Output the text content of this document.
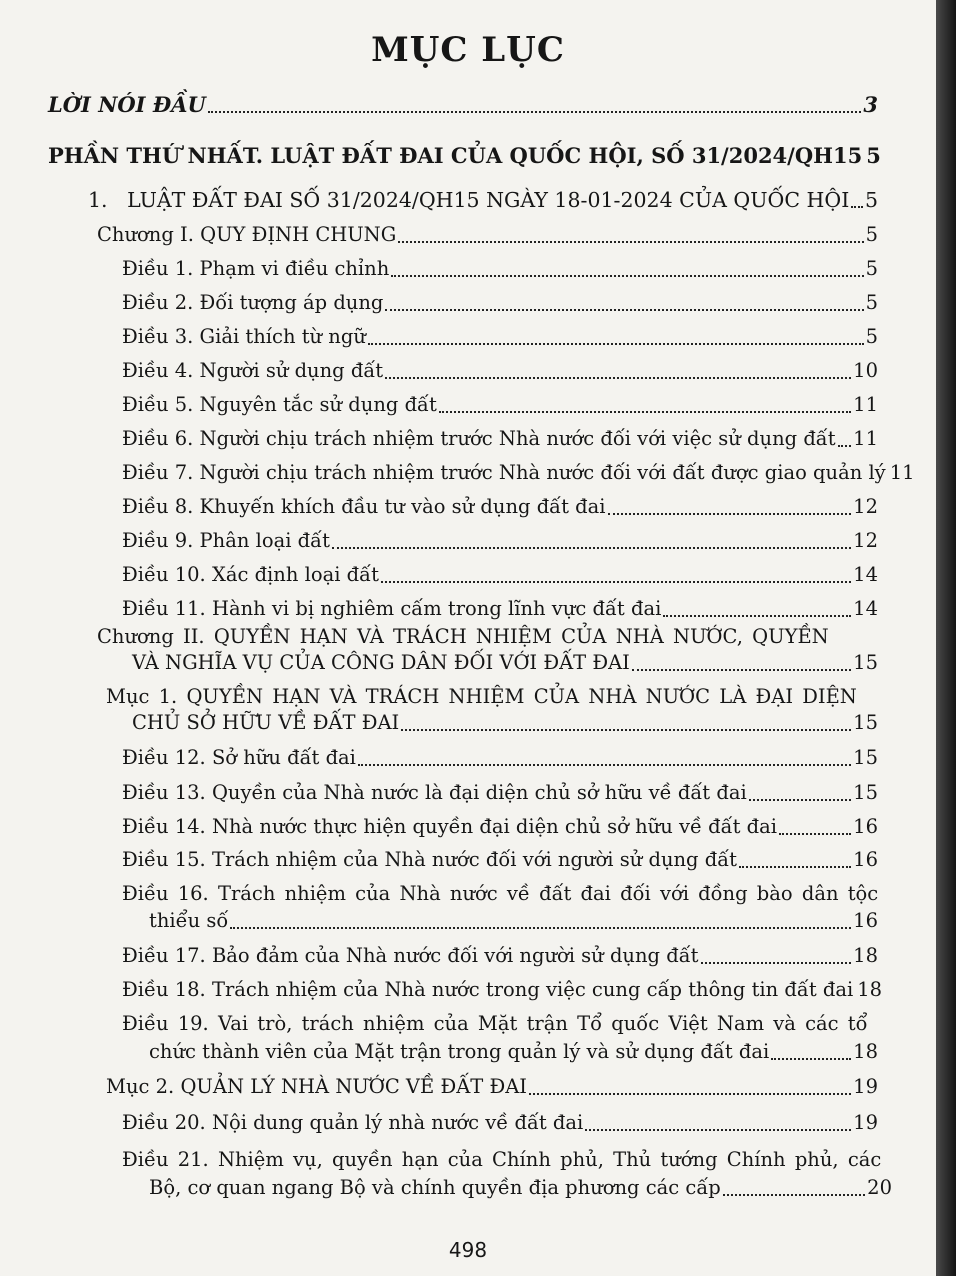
MỤC LỤC
LỜI NÓI ĐẦU	3
PHẦN THỨ NHẤT. LUẬT ĐẤT ĐAI CỦA QUỐC HỘI, SỐ 31/2024/QH15 5
1.   LUẬT ĐẤT ĐAI SỐ 31/2024/QH15 NGÀY 18-01-2024 CỦA QUỐC HỘI 5
Chương I. QUY ĐỊNH CHUNG	5
Điều 1. Phạm vi điều chỉnh	5
Điều 2. Đối tượng áp dụng	5
Điều 3. Giải thích từ ngữ	5
Điều 4. Người sử dụng đất	10
Điều 5. Nguyên tắc sử dụng đất	11
Điều 6. Người chịu trách nhiệm trước Nhà nước đối với việc sử dụng đất 11
Điều 7. Người chịu trách nhiệm trước Nhà nước đối với đất được giao quản lý 11
Điều 8. Khuyến khích đầu tư vào sử dụng đất đai	12
Điều 9. Phân loại đất	12
Điều 10. Xác định loại đất	14
Điều 11. Hành vi bị nghiêm cấm trong lĩnh vực đất đai	14
Chương II. QUYỀN HẠN VÀ TRÁCH NHIỆM CỦA NHÀ NƯỚC, QUYỀN
VÀ NGHĨA VỤ CỦA CÔNG DÂN ĐỐI VỚI ĐẤT ĐAI	15
Mục 1. QUYỀN HẠN VÀ TRÁCH NHIỆM CỦA NHÀ NƯỚC LÀ ĐẠI DIỆN
CHỦ SỞ HỮU VỀ ĐẤT ĐAI	15
Điều 12. Sở hữu đất đai	15
Điều 13. Quyền của Nhà nước là đại diện chủ sở hữu về đất đai	15
Điều 14. Nhà nước thực hiện quyền đại diện chủ sở hữu về đất đai	16
Điều 15. Trách nhiệm của Nhà nước đối với người sử dụng đất	16
Điều 16. Trách nhiệm của Nhà nước về đất đai đối với đồng bào dân tộc
thiểu số	16
Điều 17. Bảo đảm của Nhà nước đối với người sử dụng đất	18
Điều 18. Trách nhiệm của Nhà nước trong việc cung cấp thông tin đất đai 18
Điều 19. Vai trò, trách nhiệm của Mặt trận Tổ quốc Việt Nam và các tổ
chức thành viên của Mặt trận trong quản lý và sử dụng đất đai	18
Mục 2. QUẢN LÝ NHÀ NƯỚC VỀ ĐẤT ĐAI	19
Điều 20. Nội dung quản lý nhà nước về đất đai	19
Điều 21. Nhiệm vụ, quyền hạn của Chính phủ, Thủ tướng Chính phủ, các
Bộ, cơ quan ngang Bộ và chính quyền địa phương các cấp	20
498
